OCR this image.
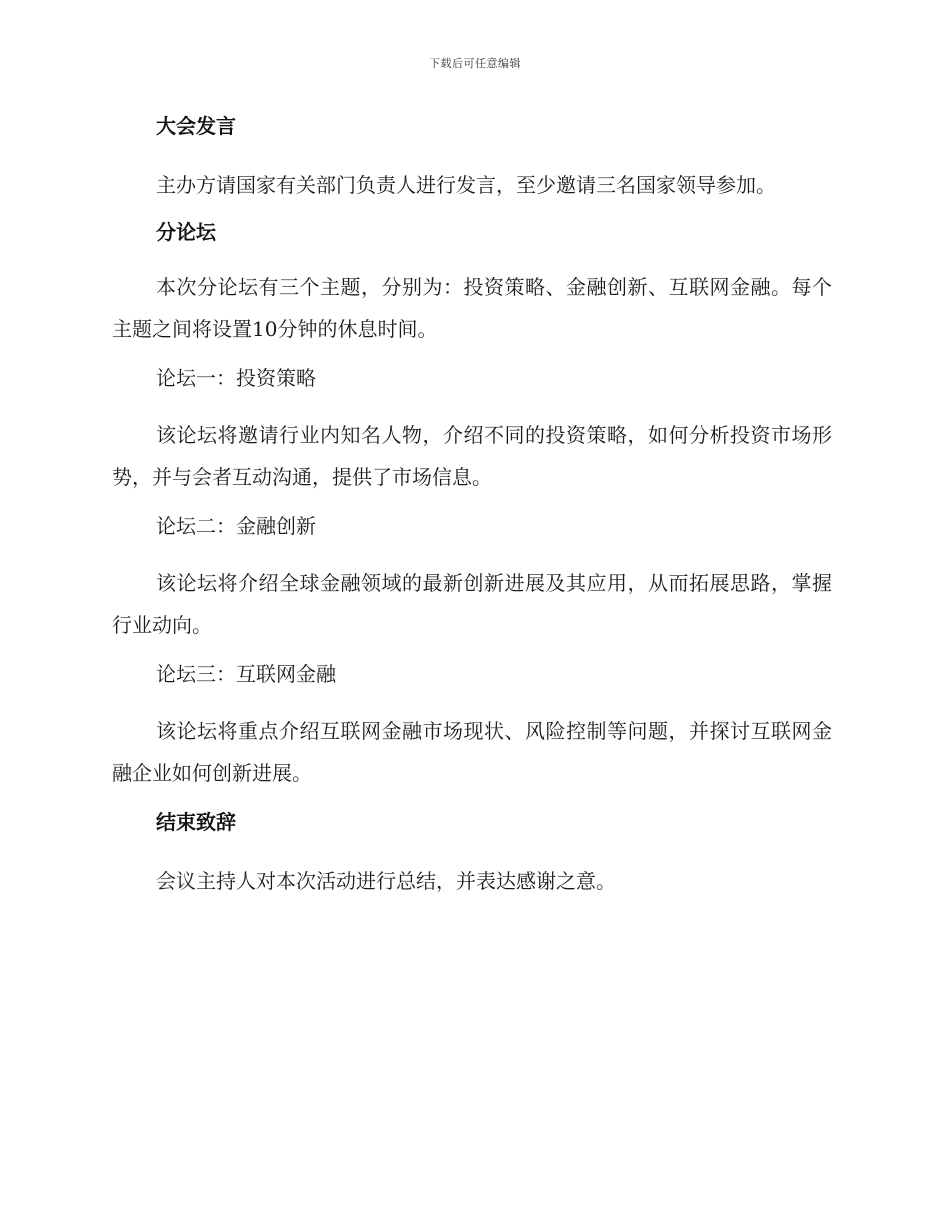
下载后可任意编辑
大会发言

主办方请国家有关部门负责人进行发言，至少邀请三名国家领导参加。

分论坛

本次分论坛有三个主题，分别为：投资策略、金融创新、互联网金融。每个主题之间将设置10分钟的休息时间。

论坛一：投资策略

该论坛将邀请行业内知名人物，介绍不同的投资策略，如何分析投资市场形势，并与会者互动沟通，提供了市场信息。

论坛二：金融创新

该论坛将介绍全球金融领域的最新创新进展及其应用，从而拓展思路，掌握行业动向。

论坛三：互联网金融

该论坛将重点介绍互联网金融市场现状、风险控制等问题，并探讨互联网金融企业如何创新进展。

结束致辞

会议主持人对本次活动进行总结，并表达感谢之意。
